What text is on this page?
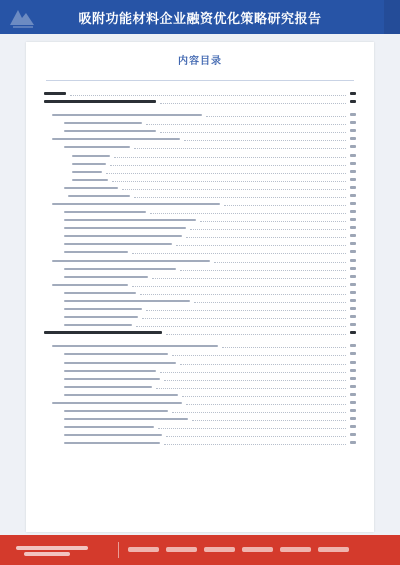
吸附功能材料企业融资优化策略研究报告
内容目录
